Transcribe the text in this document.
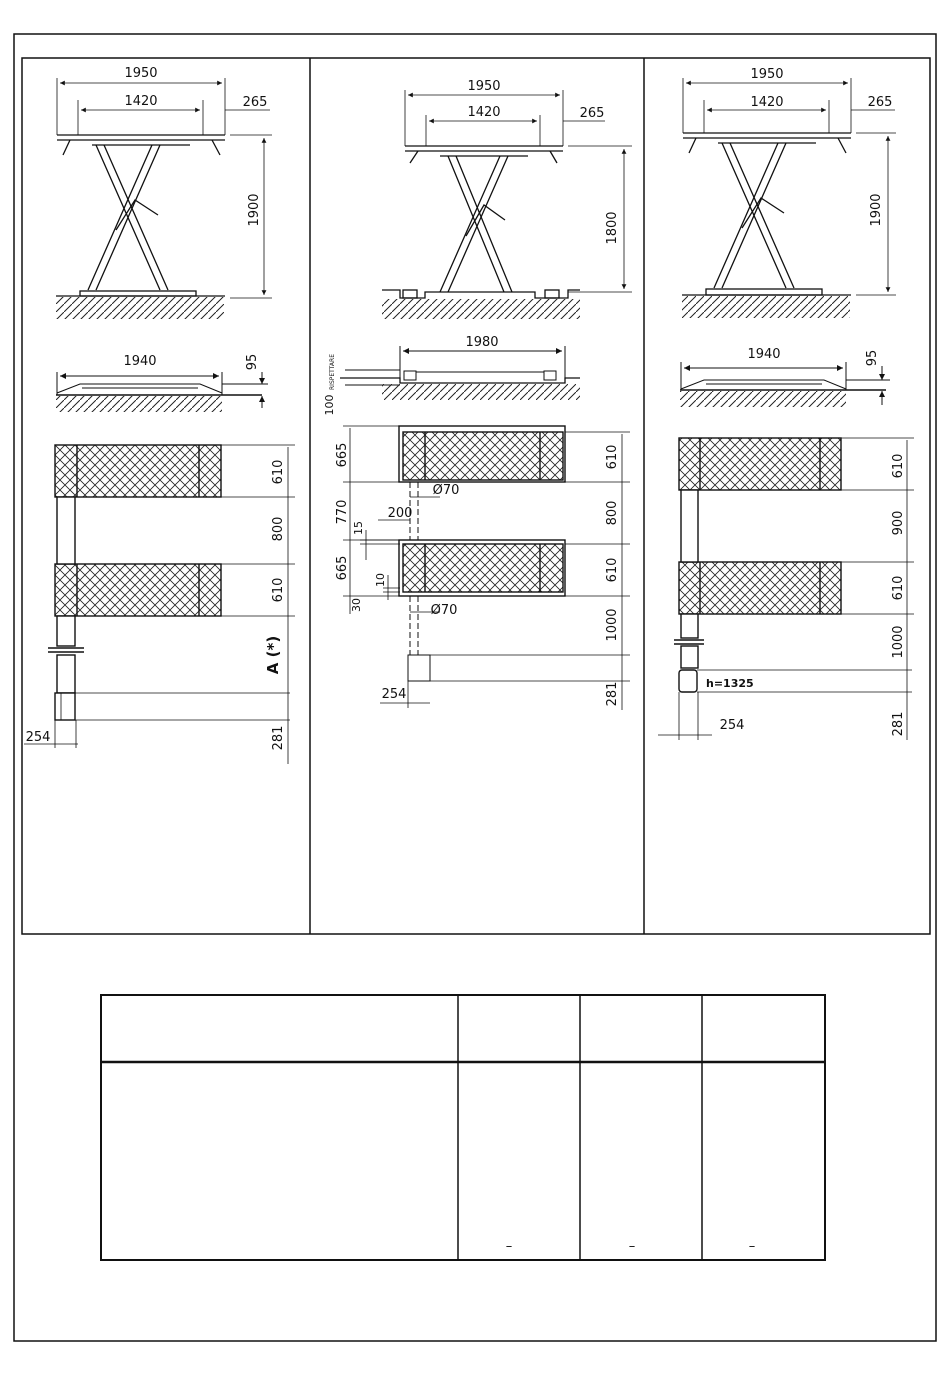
1950
1420	265
1900
1940	95
610
800
610
A (*)
281
254
1950
1420	265
1800
1980
100
RISPETTARE
665
770
15
665 10
30
610
800
610
1000
281
200
Ø70
Ø70
254
1950
1420	265
1900
1940	95
610
900
610
1000
281
h=1325
254
–	–	–
